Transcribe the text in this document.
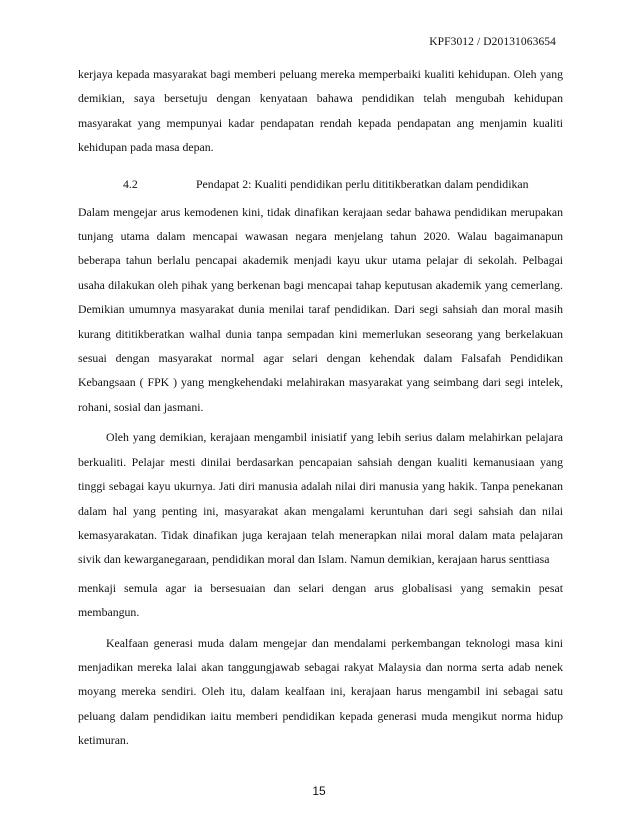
KPF3012 / D20131063654

kerjaya kepada masyarakat bagi memberi peluang mereka memperbaiki kualiti kehidupan. Oleh yang demikian, saya bersetuju dengan kenyataan bahawa pendidikan telah mengubah kehidupan masyarakat yang mempunyai kadar pendapatan rendah kepada pendapatan ang menjamin kualiti kehidupan pada masa depan.

4.2	Pendapat 2: Kualiti pendidikan perlu dititikberatkan dalam pendidikan

Dalam mengejar arus kemodenen kini, tidak dinafikan kerajaan sedar bahawa pendidikan merupakan tunjang utama dalam mencapai wawasan negara menjelang tahun 2020. Walau bagaimanapun beberapa tahun berlalu pencapai akademik menjadi kayu ukur utama pelajar di sekolah. Pelbagai usaha dilakukan oleh pihak yang berkenan bagi mencapai tahap keputusan akademik yang cemerlang. Demikian umumnya masyarakat dunia menilai taraf pendidikan. Dari segi sahsiah dan moral masih kurang dititikberatkan walhal dunia tanpa sempadan kini memerlukan seseorang yang berkelakuan sesuai dengan masyarakat normal agar selari dengan kehendak dalam Falsafah Pendidikan Kebangsaan ( FPK ) yang mengkehendaki melahirakan masyarakat yang seimbang dari segi intelek, rohani, sosial dan jasmani.

Oleh yang demikian, kerajaan mengambil inisiatif yang lebih serius dalam melahirkan pelajara berkualiti. Pelajar mesti dinilai berdasarkan pencapaian sahsiah dengan kualiti kemanusiaan yang tinggi sebagai kayu ukurnya. Jati diri manusia adalah nilai diri manusia yang hakik. Tanpa penekanan dalam hal yang penting ini, masyarakat akan mengalami keruntuhan dari segi sahsiah dan nilai kemasyarakatan. Tidak dinafikan juga kerajaan telah menerapkan nilai moral dalam mata pelajaran sivik dan kewarganegaraan, pendidikan moral dan Islam. Namun demikian, kerajaan harus senttiasa

menkaji semula agar ia bersesuaian dan selari dengan arus globalisasi yang semakin pesat membangun.

Kealfaan generasi muda dalam mengejar dan mendalami perkembangan teknologi masa kini menjadikan mereka lalai akan tanggungjawab sebagai rakyat Malaysia dan norma serta adab nenek moyang mereka sendiri. Oleh itu, dalam kealfaan ini, kerajaan harus mengambil ini sebagai satu peluang dalam pendidikan iaitu memberi pendidikan kepada generasi muda mengikut norma hidup ketimuran.

15
